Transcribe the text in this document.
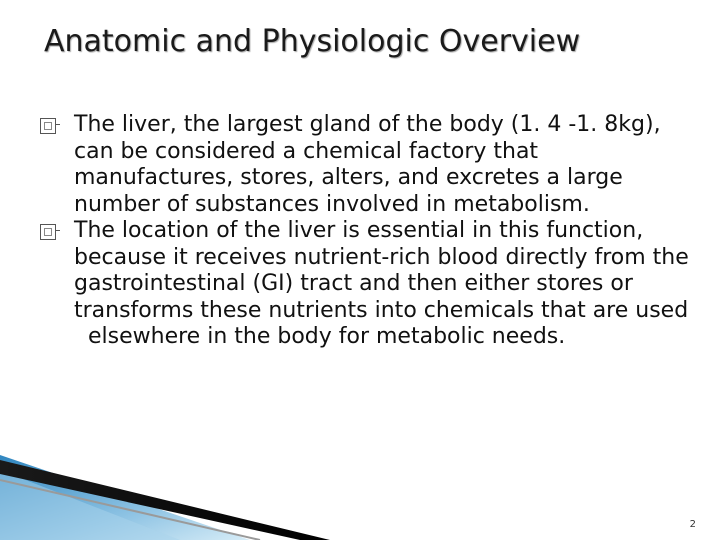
Anatomic and Physiologic Overview

The liver, the largest gland of the body (1. 4 -1. 8kg), can be considered a chemical factory that manufactures, stores, alters, and excretes a large number of substances involved in metabolism.

The location of the liver is essential in this function, because it receives nutrient-rich blood directly from the gastrointestinal (GI) tract and then either stores or transforms these nutrients into chemicals that are used
elsewhere in the body for metabolic needs.

2
